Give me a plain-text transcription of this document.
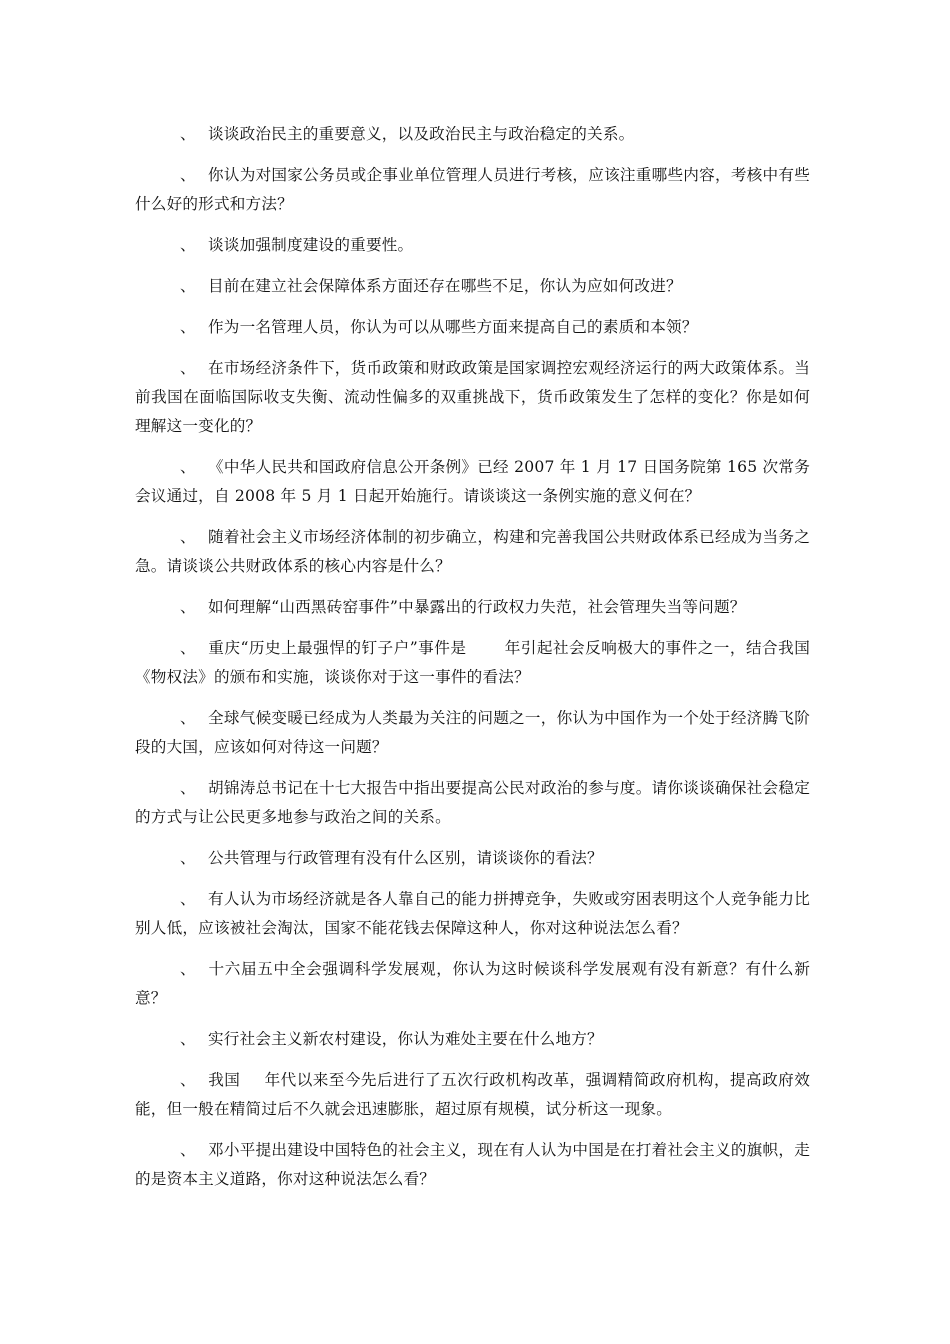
、 谈谈政治民主的重要意义，以及政治民主与政治稳定的关系。

、 你认为对国家公务员或企事业单位管理人员进行考核，应该注重哪些内容，考核中有些什么好的形式和方法？

、 谈谈加强制度建设的重要性。

、 目前在建立社会保障体系方面还存在哪些不足，你认为应如何改进？

、 作为一名管理人员，你认为可以从哪些方面来提高自己的素质和本领？

、 在市场经济条件下，货币政策和财政政策是国家调控宏观经济运行的两大政策体系。当前我国在面临国际收支失衡、流动性偏多的双重挑战下，货币政策发生了怎样的变化？你是如何理解这一变化的？

、 《中华人民共和国政府信息公开条例》已经 2007 年 1 月 17 日国务院第 165 次常务会议通过，自 2008 年 5 月 1 日起开始施行。请谈谈这一条例实施的意义何在？

、 随着社会主义市场经济体制的初步确立，构建和完善我国公共财政体系已经成为当务之急。请谈谈公共财政体系的核心内容是什么？

、 如何理解“山西黑砖窑事件”中暴露出的行政权力失范，社会管理失当等问题？

、 重庆“历史上最强悍的钉子户”事件是 年引起社会反响极大的事件之一，结合我国《物权法》的颁布和实施，谈谈你对于这一事件的看法？

、 全球气候变暖已经成为人类最为关注的问题之一，你认为中国作为一个处于经济腾飞阶段的大国，应该如何对待这一问题？

、 胡锦涛总书记在十七大报告中指出要提高公民对政治的参与度。请你谈谈确保社会稳定的方式与让公民更多地参与政治之间的关系。

、 公共管理与行政管理有没有什么区别，请谈谈你的看法？

、 有人认为市场经济就是各人靠自己的能力拼搏竞争，失败或穷困表明这个人竞争能力比别人低，应该被社会淘汰，国家不能花钱去保障这种人，你对这种说法怎么看？

、 十六届五中全会强调科学发展观，你认为这时候谈科学发展观有没有新意？有什么新意？

、 实行社会主义新农村建设，你认为难处主要在什么地方？

、 我国 年代以来至今先后进行了五次行政机构改革，强调精简政府机构，提高政府效能，但一般在精简过后不久就会迅速膨胀，超过原有规模，试分析这一现象。

、 邓小平提出建设中国特色的社会主义，现在有人认为中国是在打着社会主义的旗帜，走的是资本主义道路，你对这种说法怎么看？
